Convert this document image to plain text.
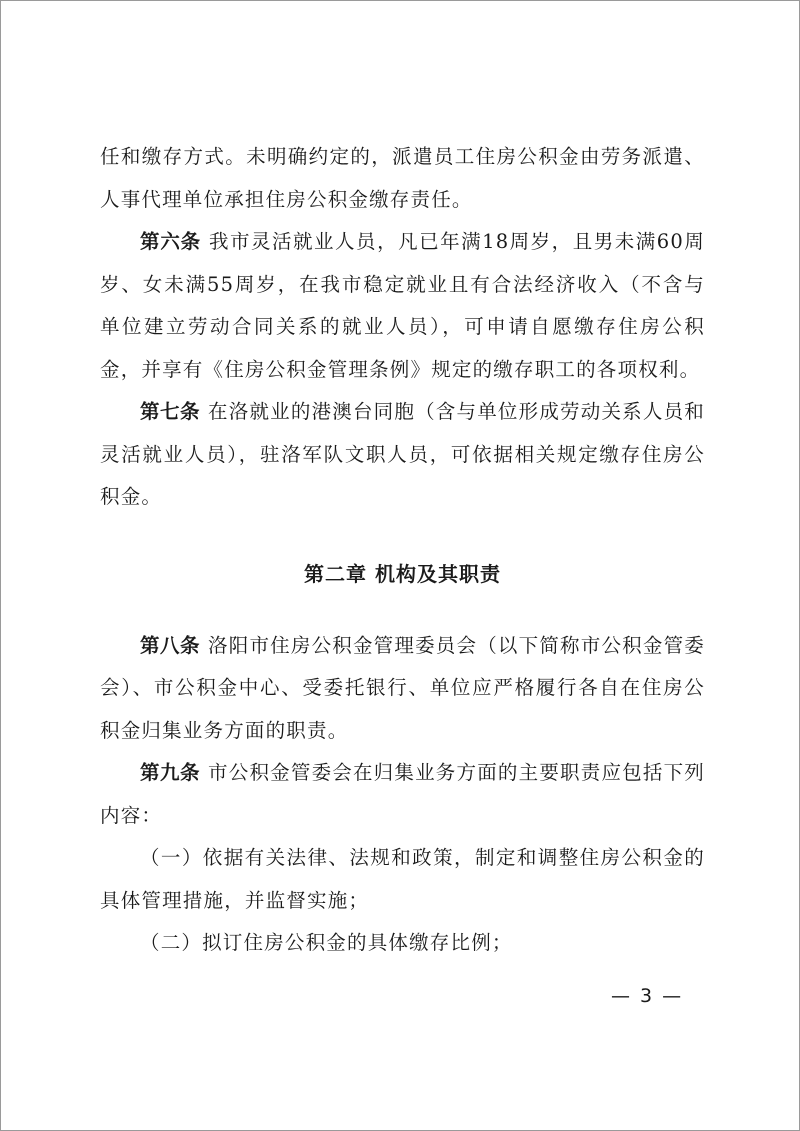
任和缴存方式。未明确约定的，派遣员工住房公积金由劳务派遣、人事代理单位承担住房公积金缴存责任。

第六条 我市灵活就业人员，凡已年满18周岁，且男未满60周岁、女未满55周岁，在我市稳定就业且有合法经济收入（不含与单位建立劳动合同关系的就业人员），可申请自愿缴存住房公积金，并享有《住房公积金管理条例》规定的缴存职工的各项权利。

第七条 在洛就业的港澳台同胞（含与单位形成劳动关系人员和灵活就业人员），驻洛军队文职人员，可依据相关规定缴存住房公积金。

第二章 机构及其职责

第八条 洛阳市住房公积金管理委员会（以下简称市公积金管委会）、市公积金中心、受委托银行、单位应严格履行各自在住房公积金归集业务方面的职责。

第九条 市公积金管委会在归集业务方面的主要职责应包括下列内容：

（一）依据有关法律、法规和政策，制定和调整住房公积金的具体管理措施，并监督实施；

（二）拟订住房公积金的具体缴存比例；

— 3 —
